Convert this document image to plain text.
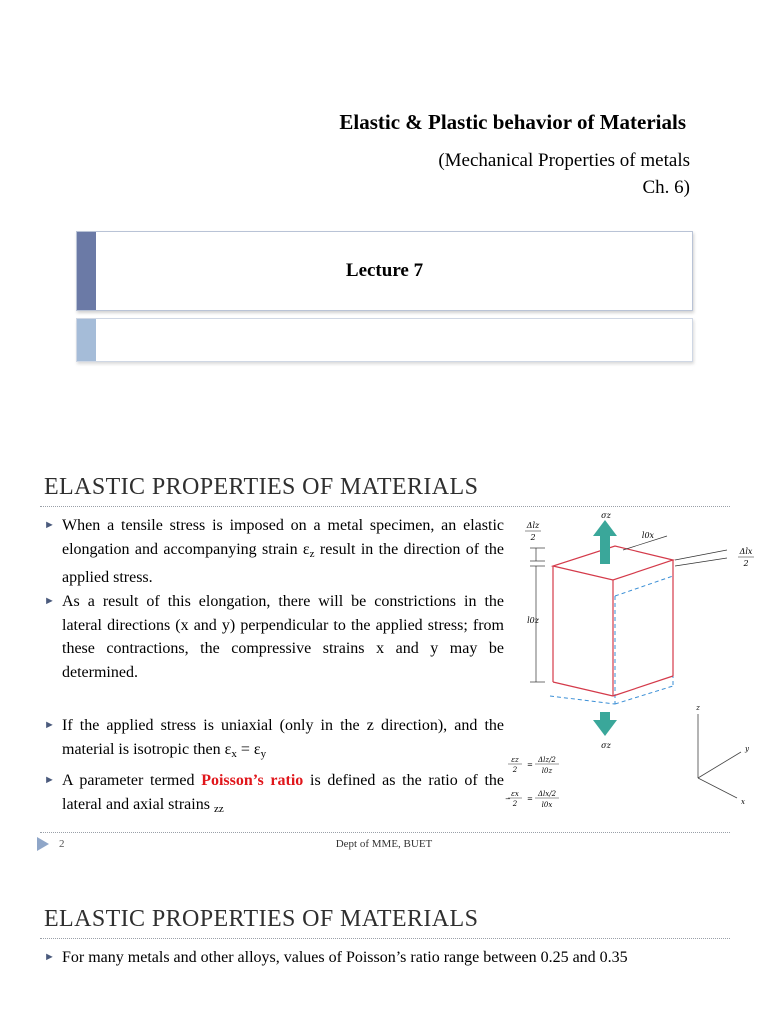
Elastic & Plastic behavior of Materials
(Mechanical Properties of metals
Ch. 6)
Lecture 7
ELASTIC PROPERTIES OF MATERIALS
► When a tensile stress is imposed on a metal specimen, an elastic elongation and accompanying strain $\varepsilon_z$ result in the direction of the applied stress.
► As a result of this elongation, there will be constrictions in the lateral directions (x and y) perpendicular to the applied stress; from these contractions, the compressive strains x and y may be determined.
► If the applied stress is uniaxial (only in the z direction), and the material is isotropic then $\varepsilon_x = \varepsilon_y$
► A parameter termed Poisson’s ratio is defined as the ratio of the lateral and axial strains $_{zz}$
σz
σz
Δlz
2
l0z
l0x
Δlx
2
z
y
x
εz
2
=
Δlz/2
l0z
−
εx
2
=
Δlx/2
l0x
2	Dept of MME, BUET
ELASTIC PROPERTIES OF MATERIALS
► For many metals and other alloys, values of Poisson’s ratio range between 0.25 and 0.35
